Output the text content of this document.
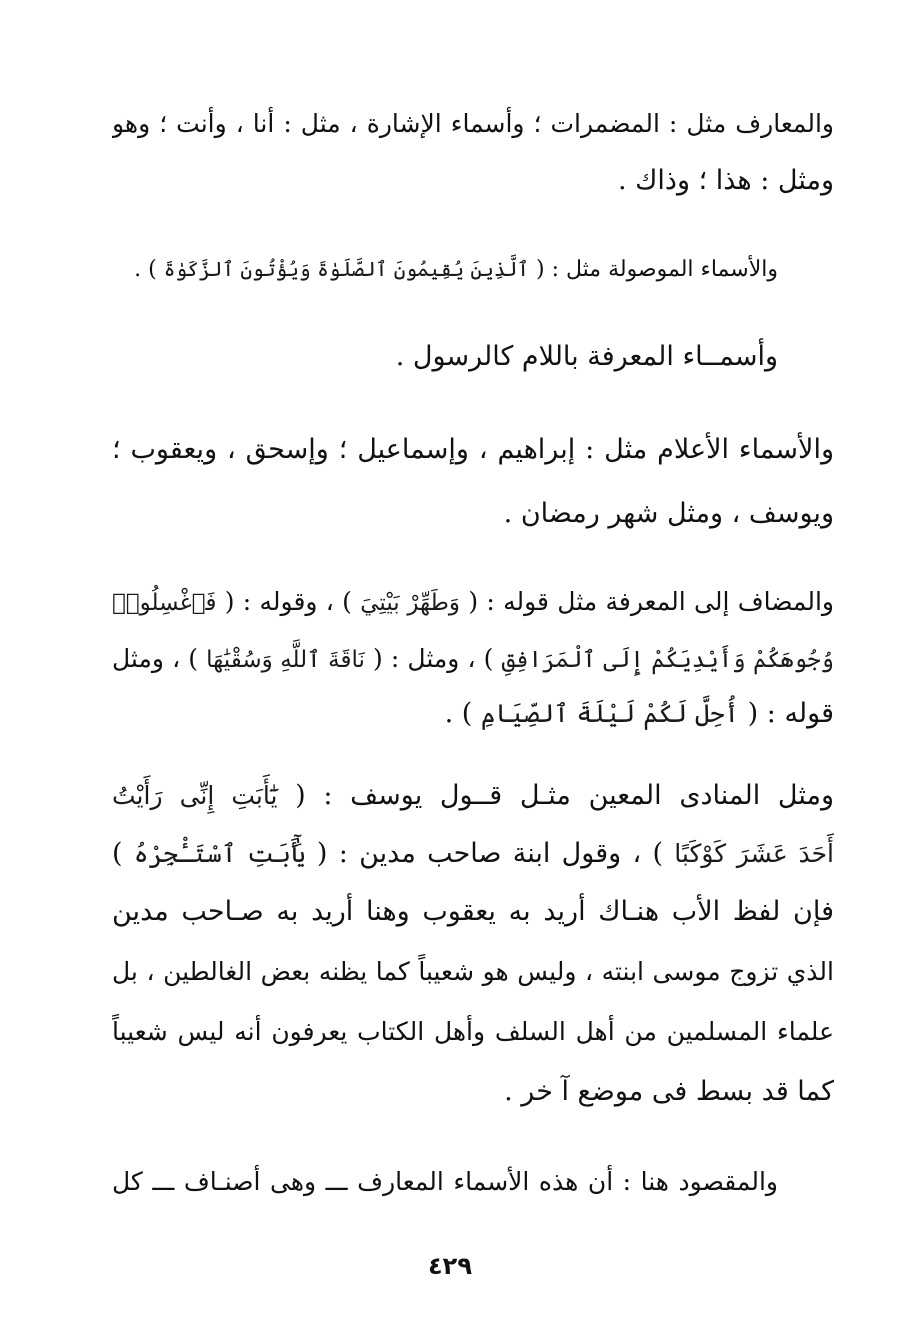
والمعارف مثل : المضمرات ؛ وأسماء الإشارة ، مثل : أنا ، وأنت ؛ وهو
ومثل : هذا ؛ وذاك .
والأسماء الموصولة مثل : ( ٱلَّذِينَ يُقِيمُونَ ٱلصَّلَوٰةَ وَيُؤْتُونَ ٱلزَّكَوٰةَ ) .
وأسمــاء المعرفة باللام كالرسول .
والأسماء الأعلام مثل : إبراهيم ، وإسماعيل ؛ وإسحق ، ويعقوب ؛
ويوسف ، ومثل شهر رمضان .
والمضاف إلى المعرفة مثل قوله : ( وَطَهِّرْ بَيْتِيَ ) ، وقوله : ( فَٱغْسِلُوا۟
وُجُوهَكُمْ وَأَيْدِيَكُمْ إِلَى ٱلْمَرَافِقِ ) ، ومثل : ( نَاقَةَ ٱللَّهِ وَسُقْيَٰهَا ) ، ومثل
قوله : ( أُحِلَّ لَكُمْ لَيْلَةَ ٱلصِّيَامِ ) .
ومثل المنادى المعين مثـل قــول يوسف : ( يَٰٓأَبَتِ إِنِّى رَأَيْتُ
أَحَدَ عَشَرَ كَوْكَبًا ) ، وقول ابنة صاحب مدين : ( يَٰٓأَبَتِ ٱسْتَـْٔجِرْهُ )
فإن لفظ الأب هنـاك أريد به يعقوب وهنا أريد به صـاحب مدين
الذي تزوج موسى ابنته ، وليس هو شعيباً كما يظنه بعض الغالطين ، بل
علماء المسلمين من أهل السلف وأهل الكتاب يعرفون أنه ليس شعيباً
كما قد بسط فى موضع آ خر .
والمقصود هنا : أن هذه الأسماء المعارف ـــ وهى أصنـاف ـــ كل
٤٢٩
